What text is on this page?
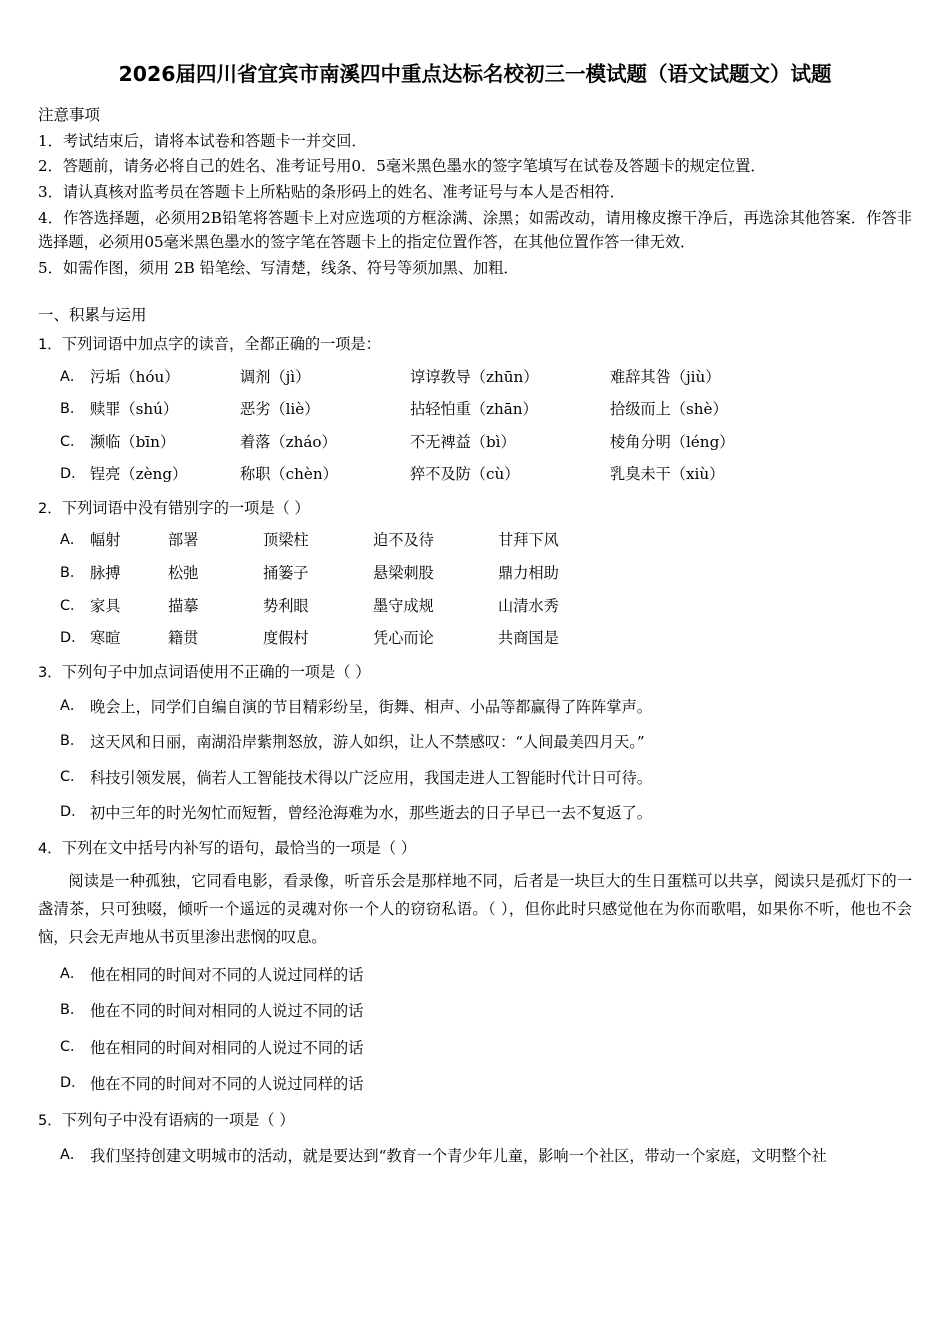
2026届四川省宜宾市南溪四中重点达标名校初三一模试题（语文试题文）试题
注意事项
1．考试结束后，请将本试卷和答题卡一并交回．
2．答题前，请务必将自己的姓名、准考证号用0．5毫米黑色墨水的签字笔填写在试卷及答题卡的规定位置．
3．请认真核对监考员在答题卡上所粘贴的条形码上的姓名、准考证号与本人是否相符．
4．作答选择题，必须用2B铅笔将答题卡上对应选项的方框涂满、涂黑；如需改动，请用橡皮擦干净后，再选涂其他答案．作答非选择题，必须用05毫米黑色墨水的签字笔在答题卡上的指定位置作答，在其他位置作答一律无效．
5．如需作图，须用 2B 铅笔绘、写清楚，线条、符号等须加黑、加粗．
一、积累与运用
1．下列词语中加点字的读音，全都正确的一项是：
A． 污垢（hóu）	调剂（jì）	谆谆教导（zhūn）	难辞其咎（jiù）
B． 赎罪（shú）	恶劣（liè）	拈轻怕重（zhān）	拾级而上（shè）
C． 濒临（bīn）	着落（zháo）	不无裨益（bì）	棱角分明（léng）
D． 锃亮（zèng）	称职（chèn）	猝不及防（cù）	乳臭未干（xiù）
2．下列词语中没有错别字的一项是（ ）
A． 幅射	部署	顶梁柱	迫不及待	甘拜下风
B． 脉搏	松弛	捅篓子	悬梁刺股	鼎力相助
C． 家具	描摹	势利眼	墨守成规	山清水秀
D． 寒暄	籍贯	度假村	凭心而论	共商国是
3．下列句子中加点词语使用不正确的一项是（ ）
A． 晚会上，同学们自编自演的节目精彩纷呈，街舞、相声、小品等都赢得了阵阵掌声。
B． 这天风和日丽，南湖沿岸紫荆怒放，游人如织，让人不禁感叹：“人间最美四月天。”
C． 科技引领发展，倘若人工智能技术得以广泛应用，我国走进人工智能时代计日可待。
D． 初中三年的时光匆忙而短暂，曾经沧海难为水，那些逝去的日子早已一去不复返了。
4．下列在文中括号内补写的语句，最恰当的一项是（ ）
阅读是一种孤独，它同看电影，看录像，听音乐会是那样地不同，后者是一块巨大的生日蛋糕可以共享，阅读只是孤灯下的一盏清茶，只可独啜，倾听一个遥远的灵魂对你一个人的窃窃私语。（ ），但你此时只感觉他在为你而歌唱，如果你不听，他也不会恼，只会无声地从书页里渗出悲悯的叹息。
A． 他在相同的时间对不同的人说过同样的话
B． 他在不同的时间对相同的人说过不同的话
C． 他在相同的时间对相同的人说过不同的话
D． 他在不同的时间对不同的人说过同样的话
5．下列句子中没有语病的一项是（ ）
A． 我们坚持创建文明城市的活动，就是要达到“教育一个青少年儿童，影响一个社区，带动一个家庭，文明整个社
